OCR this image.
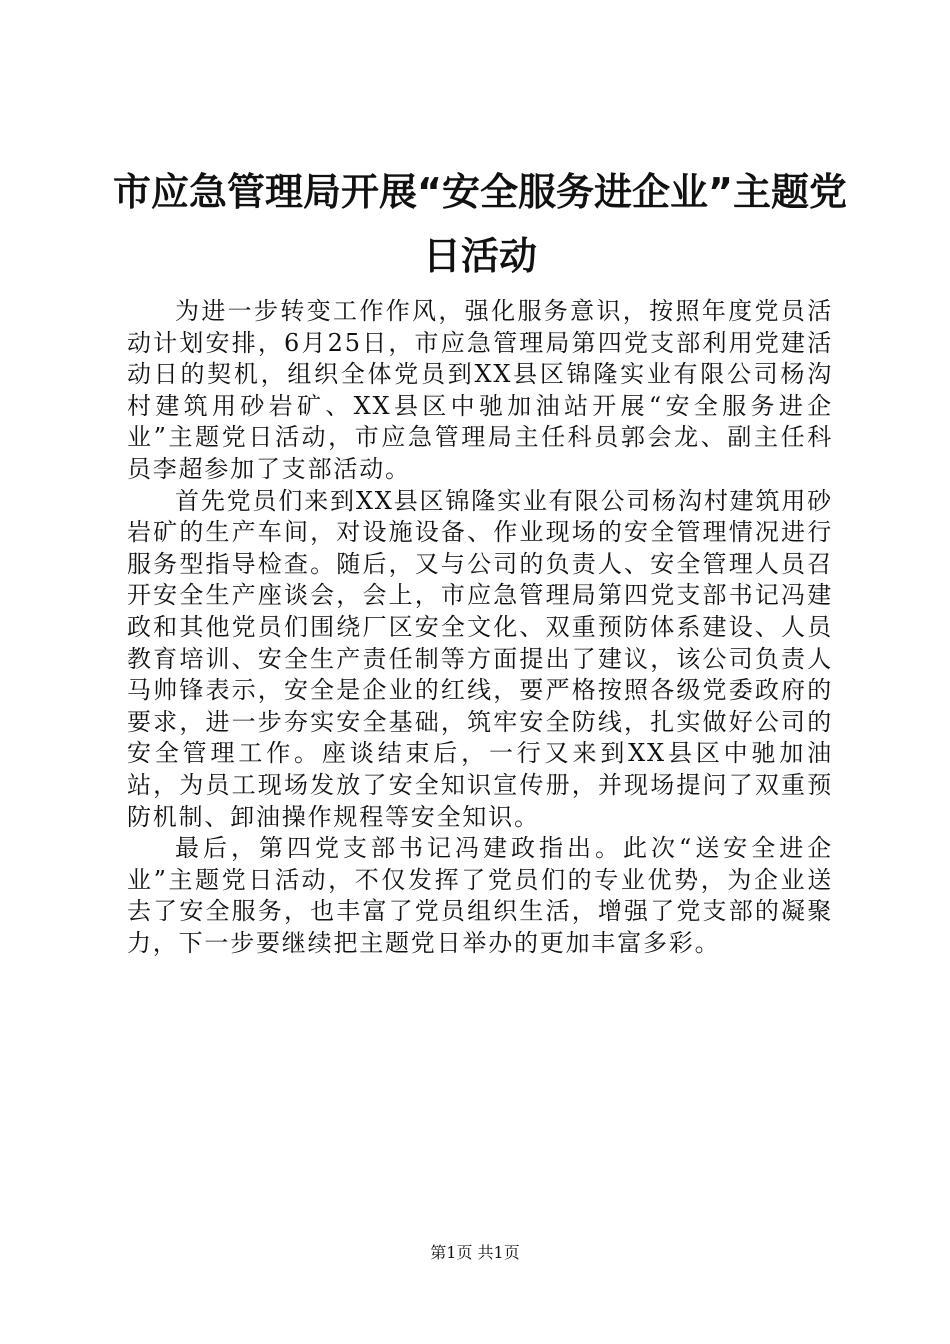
市应急管理局开展“安全服务进企业”主题党日活动

为进一步转变工作作风，强化服务意识，按照年度党员活动计划安排，6月25日，市应急管理局第四党支部利用党建活动日的契机，组织全体党员到XX县区锦隆实业有限公司杨沟村建筑用砂岩矿、XX县区中驰加油站开展“安全服务进企业”主题党日活动，市应急管理局主任科员郭会龙、副主任科员李超参加了支部活动。

首先党员们来到XX县区锦隆实业有限公司杨沟村建筑用砂岩矿的生产车间，对设施设备、作业现场的安全管理情况进行服务型指导检查。随后，又与公司的负责人、安全管理人员召开安全生产座谈会，会上，市应急管理局第四党支部书记冯建政和其他党员们围绕厂区安全文化、双重预防体系建设、人员教育培训、安全生产责任制等方面提出了建议，该公司负责人马帅锋表示，安全是企业的红线，要严格按照各级党委政府的要求，进一步夯实安全基础，筑牢安全防线，扎实做好公司的安全管理工作。座谈结束后，一行又来到XX县区中驰加油站，为员工现场发放了安全知识宣传册，并现场提问了双重预防机制、卸油操作规程等安全知识。

最后，第四党支部书记冯建政指出。此次“送安全进企业”主题党日活动，不仅发挥了党员们的专业优势，为企业送去了安全服务，也丰富了党员组织生活，增强了党支部的凝聚力，下一步要继续把主题党日举办的更加丰富多彩。

第1页 共1页
